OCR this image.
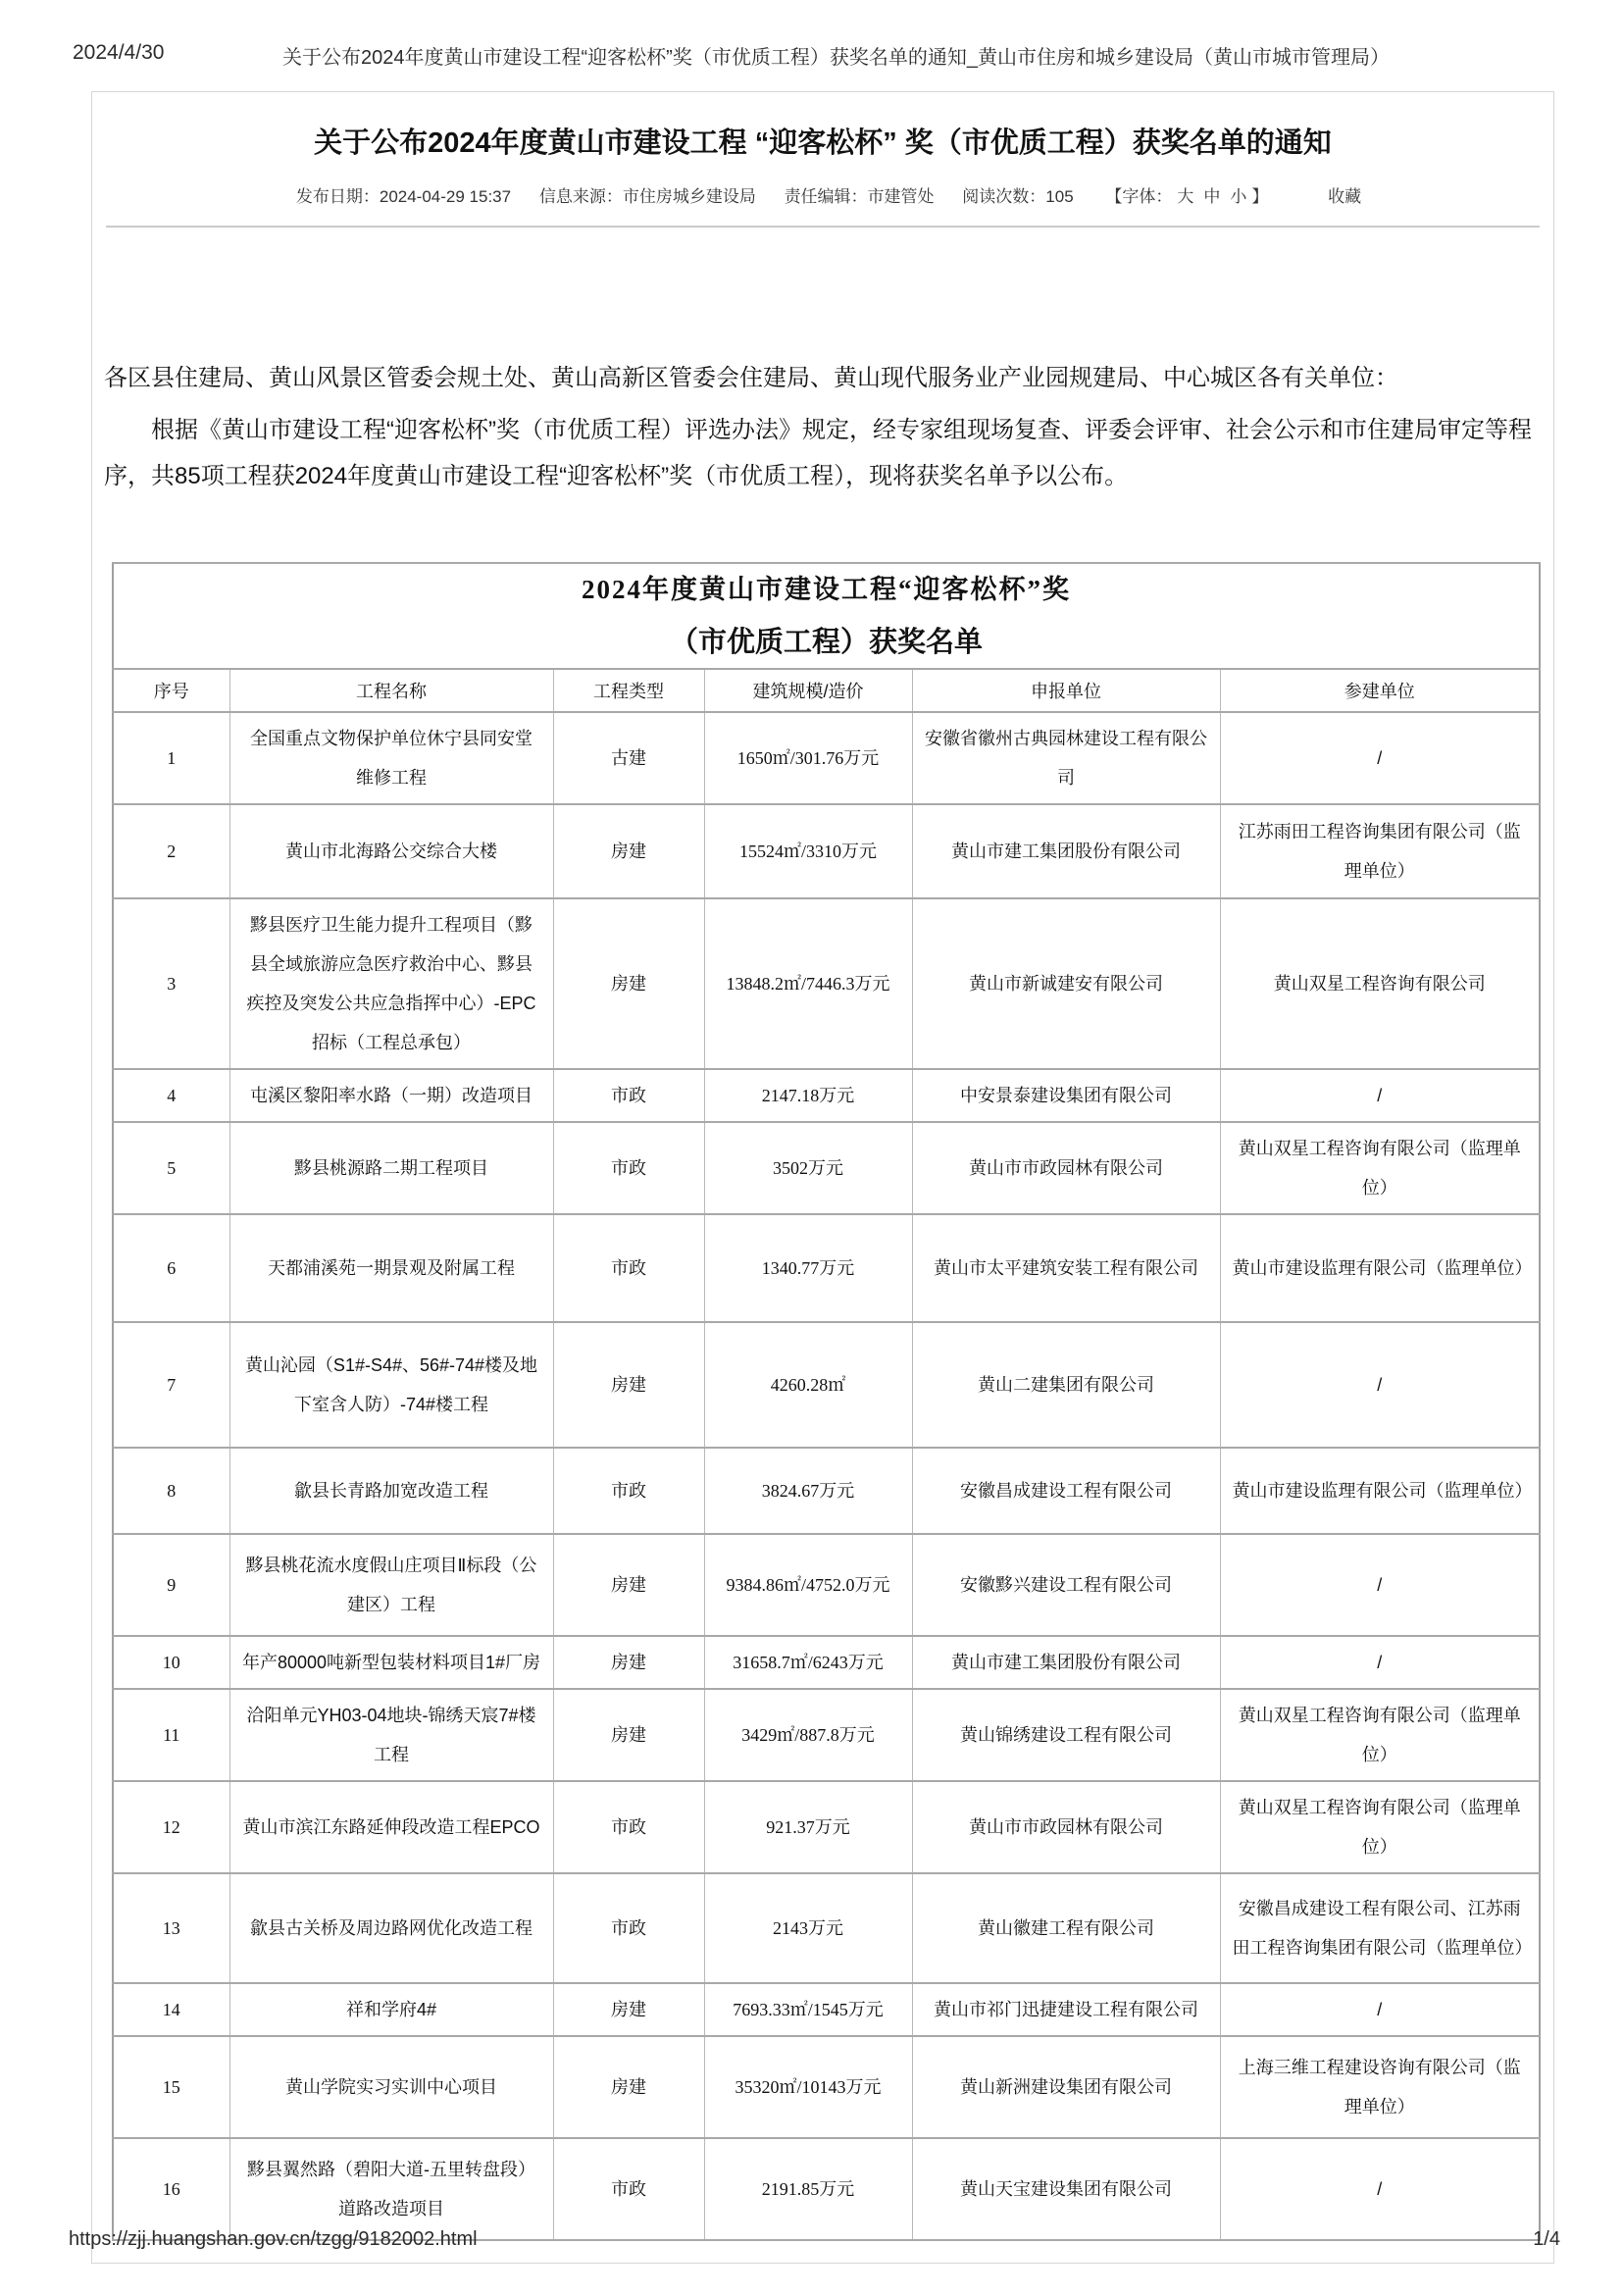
2024/4/30	关于公布2024年度黄山市建设工程“迎客松杯”奖（市优质工程）获奖名单的通知_黄山市住房和城乡建设局（黄山市城市管理局）
关于公布2024年度黄山市建设工程 “迎客松杯” 奖（市优质工程）获奖名单的通知
发布日期：2024-04-29 15:37 信息来源：市住房城乡建设局 责任编辑：市建管处 阅读次数：105 【字体： 大 中 小 】	收藏

各区县住建局、黄山风景区管委会规土处、黄山高新区管委会住建局、黄山现代服务业产业园规建局、中心城区各有关单位：

根据《黄山市建设工程“迎客松杯”奖（市优质工程）评选办法》规定，经专家组现场复查、评委会评审、社会公示和市住建局审定等程序，共85项工程获2024年度黄山市建设工程“迎客松杯”奖（市优质工程），现将获奖名单予以公布。

2024年度黄山市建设工程“迎客松杯”奖
（市优质工程）获奖名单					

序号	工程名称	工程类型	建筑规模/造价	申报单位	参建单位
1	全国重点文物保护单位休宁县同安堂维修工程	古建	1650㎡/301.76万元	安徽省徽州古典园林建设工程有限公司	/
2	黄山市北海路公交综合大楼	房建	15524㎡/3310万元	黄山市建工集团股份有限公司	江苏雨田工程咨询集团有限公司（监理单位）
3	黟县医疗卫生能力提升工程项目（黟县全域旅游应急医疗救治中心、黟县疾控及突发公共应急指挥中心）-EPC招标（工程总承包）	房建	13848.2㎡/7446.3万元	黄山市新诚建安有限公司	黄山双星工程咨询有限公司
4	屯溪区黎阳率水路（一期）改造项目	市政	2147.18万元	中安景泰建设集团有限公司	/
5	黟县桃源路二期工程项目	市政	3502万元	黄山市市政园林有限公司	黄山双星工程咨询有限公司（监理单位）
6	天都浦溪苑一期景观及附属工程	市政	1340.77万元	黄山市太平建筑安装工程有限公司	黄山市建设监理有限公司（监理单位）
7	黄山沁园（S1#-S4#、56#-74#楼及地下室含人防）-74#楼工程	房建	4260.28㎡	黄山二建集团有限公司	/
8	歙县长青路加宽改造工程	市政	3824.67万元	安徽昌成建设工程有限公司	黄山市建设监理有限公司（监理单位）
9	黟县桃花流水度假山庄项目Ⅱ标段（公建区）工程	房建	9384.86㎡/4752.0万元	安徽黟兴建设工程有限公司	/
10	年产80000吨新型包装材料项目1#厂房	房建	31658.7㎡/6243万元	黄山市建工集团股份有限公司	/
11	洽阳单元YH03-04地块-锦绣天宸7#楼工程	房建	3429㎡/887.8万元	黄山锦绣建设工程有限公司	黄山双星工程咨询有限公司（监理单位）
12	黄山市滨江东路延伸段改造工程EPCO	市政	921.37万元	黄山市市政园林有限公司	黄山双星工程咨询有限公司（监理单位）
13	歙县古关桥及周边路网优化改造工程	市政	2143万元	黄山徽建工程有限公司	安徽昌成建设工程有限公司、江苏雨田工程咨询集团有限公司（监理单位）
14	祥和学府4#	房建	7693.33㎡/1545万元	黄山市祁门迅捷建设工程有限公司	/
15	黄山学院实习实训中心项目	房建	35320㎡/10143万元	黄山新洲建设集团有限公司	上海三维工程建设咨询有限公司（监理单位）
16	黟县翼然路（碧阳大道-五里转盘段）道路改造项目	市政	2191.85万元	黄山天宝建设集团有限公司	/
https://zjj.huangshan.gov.cn/tzgg/9182002.html	1/4
